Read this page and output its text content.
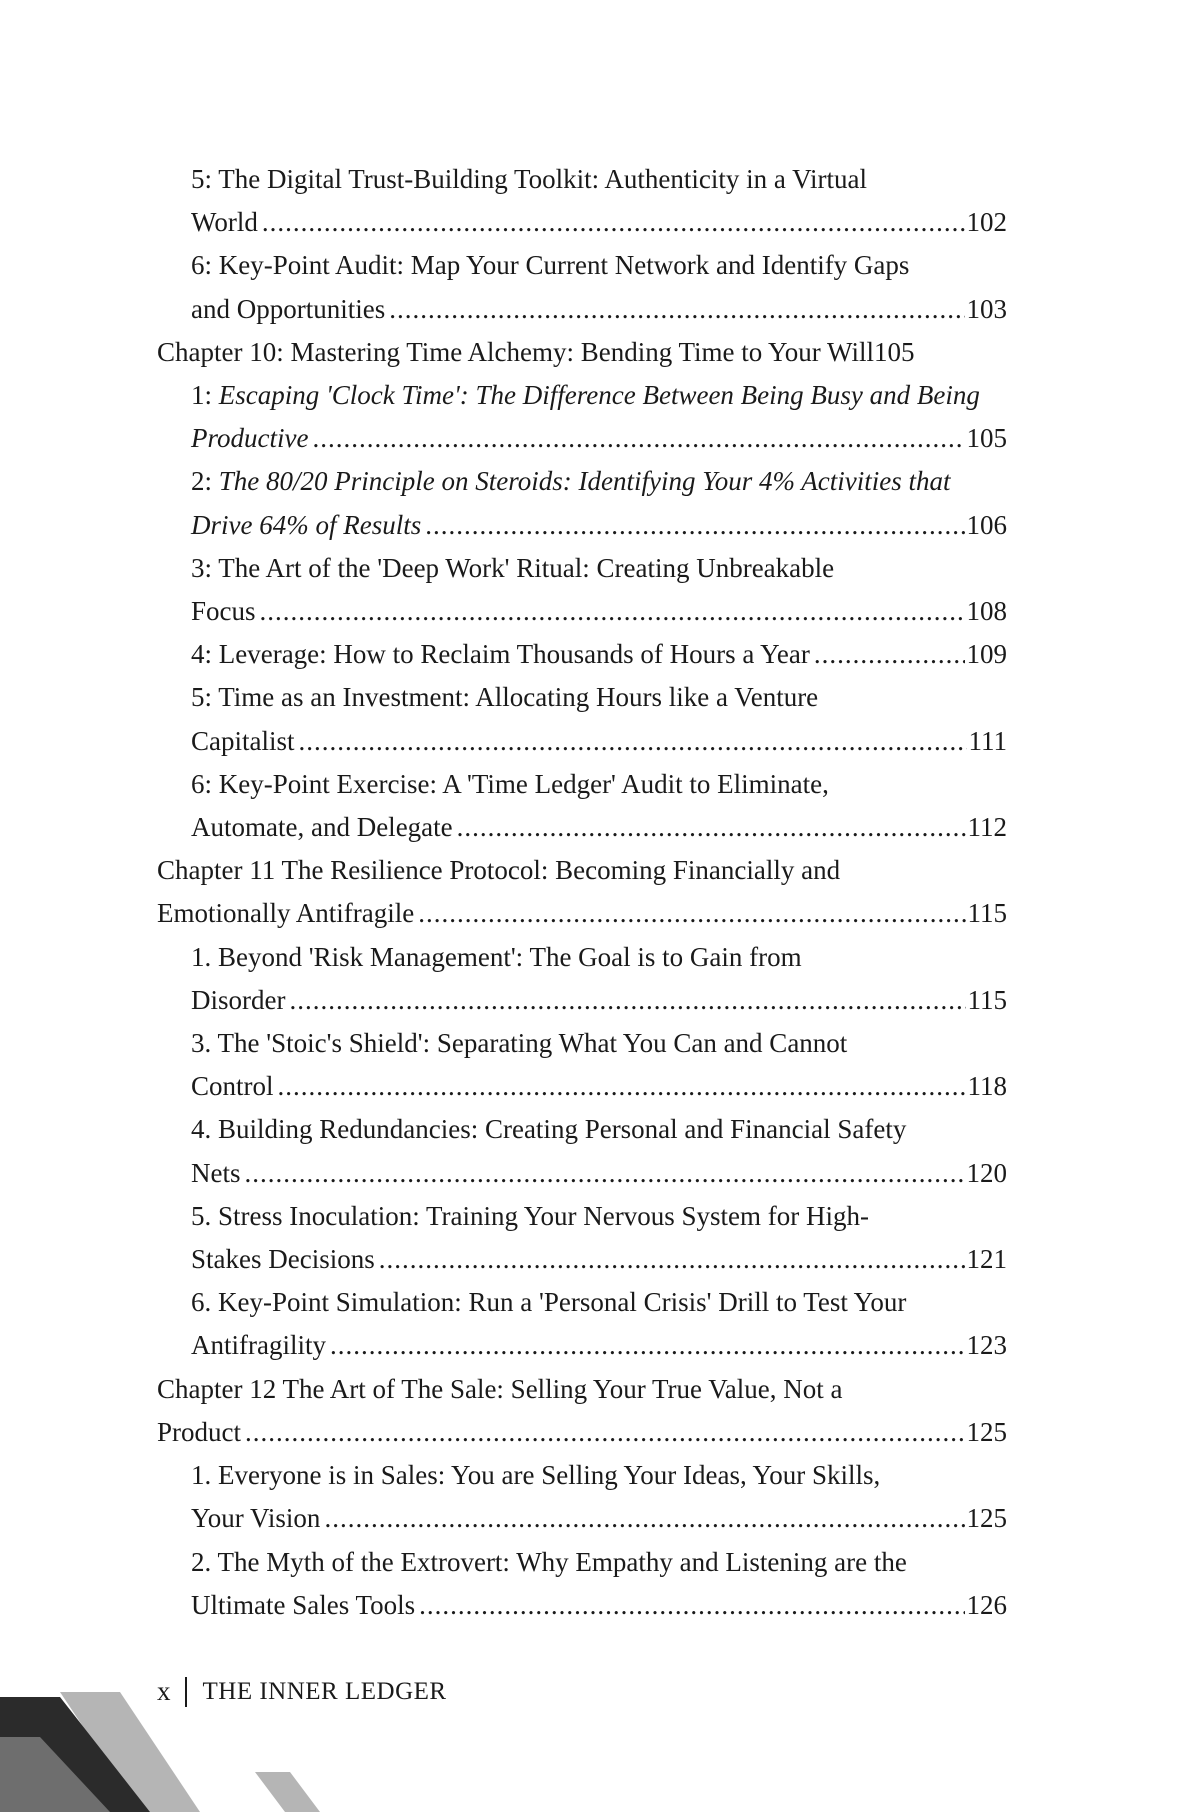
5: The Digital Trust-Building Toolkit: Authenticity in a Virtual
World .....	102
6: Key-Point Audit: Map Your Current Network and Identify Gaps
and Opportunities .....	103
Chapter 10: Mastering Time Alchemy: Bending Time to Your Will 105
1: Escaping 'Clock Time': The Difference Between Being Busy and Being
Productive .....	105
2: The 80/20 Principle on Steroids: Identifying Your 4% Activities that
Drive 64% of Results .....	106
3: The Art of the 'Deep Work' Ritual: Creating Unbreakable
Focus .....	108
4: Leverage: How to Reclaim Thousands of Hours a Year .....	109
5: Time as an Investment: Allocating Hours like a Venture
Capitalist .....	111
6: Key-Point Exercise: A 'Time Ledger' Audit to Eliminate,
Automate, and Delegate .....	112
Chapter 11 The Resilience Protocol: Becoming Financially and
Emotionally Antifragile .....	115
1. Beyond 'Risk Management': The Goal is to Gain from
Disorder .....	115
3. The 'Stoic's Shield': Separating What You Can and Cannot
Control .....	118
4. Building Redundancies: Creating Personal and Financial Safety
Nets .....	120
5. Stress Inoculation: Training Your Nervous System for High-
Stakes Decisions .....	121
6. Key-Point Simulation: Run a 'Personal Crisis' Drill to Test Your
Antifragility .....	123
Chapter 12 The Art of The Sale: Selling Your True Value, Not a
Product .....	125
1. Everyone is in Sales: You are Selling Your Ideas, Your Skills,
Your Vision .....	125
2. The Myth of the Extrovert: Why Empathy and Listening are the
Ultimate Sales Tools .....	126
x THE INNER LEDGER
